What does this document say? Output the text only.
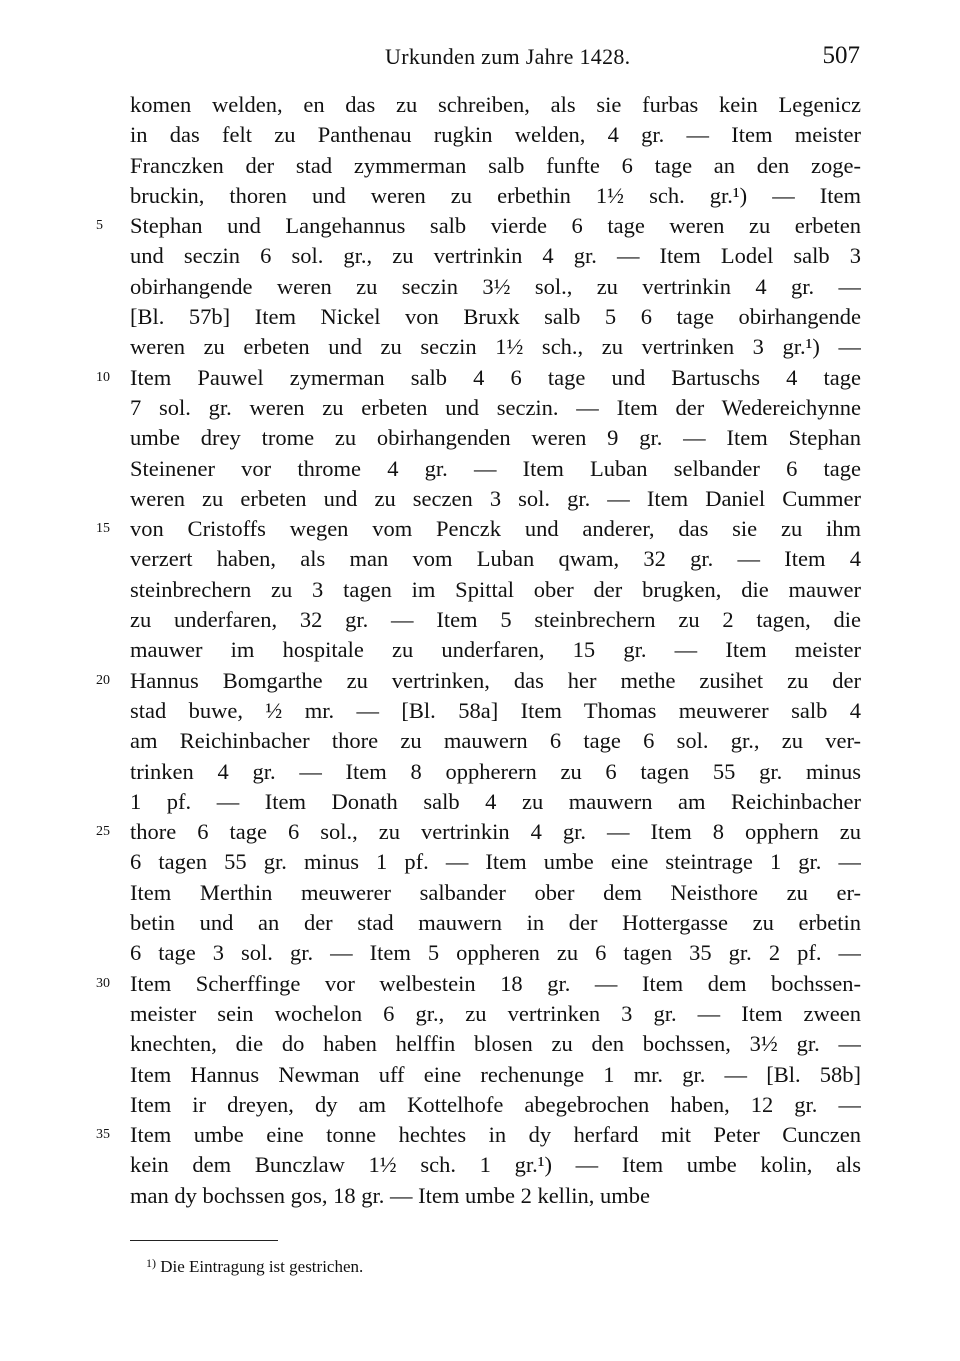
Urkunden zum Jahre 1428.	507
komen welden, en das zu schreiben, als sie furbas kein Legenicz
in das felt zu Panthenau rugkin welden, 4 gr. — Item meister
Franczken der stad zymmerman salb funfte 6 tage an den zoge-
bruckin, thoren und weren zu erbethin 1½ sch. gr.¹) — Item
5	Stephan und Langehannus salb vierde 6 tage weren zu erbeten
und seczin 6 sol. gr., zu vertrinkin 4 gr. — Item Lodel salb 3
obirhangende weren zu seczin 3½ sol., zu vertrinkin 4 gr. —
[Bl. 57b] Item Nickel von Bruxk salb 5 6 tage obirhangende
weren zu erbeten und zu seczin 1½ sch., zu vertrinken 3 gr.¹) —
10 Item Pauwel zymerman salb 4 6 tage und Bartuschs 4 tage
7 sol. gr. weren zu erbeten und seczin. — Item der Wedereichynne
umbe drey trome zu obirhangenden weren 9 gr. — Item Stephan
Steinener vor throme 4 gr. — Item Luban selbander 6 tage
weren zu erbeten und zu seczen 3 sol. gr. — Item Daniel Cummer
15 von Cristoffs wegen vom Penczk und anderer, das sie zu ihm
verzert haben, als man vom Luban qwam, 32 gr. — Item 4
steinbrechern zu 3 tagen im Spittal ober der brugken, die mauwer
zu underfaren, 32 gr. — Item 5 steinbrechern zu 2 tagen, die
mauwer im hospitale zu underfaren, 15 gr. — Item meister
20 Hannus Bomgarthe zu vertrinken, das her methe zusihet zu der
stad buwe, ½ mr. — [Bl. 58a] Item Thomas meuwerer salb 4
am Reichinbacher thore zu mauwern 6 tage 6 sol. gr., zu ver-
trinken 4 gr. — Item 8 oppherern zu 6 tagen 55 gr. minus
1 pf. — Item Donath salb 4 zu mauwern am Reichinbacher
25 thore 6 tage 6 sol., zu vertrinkin 4 gr. — Item 8 opphern zu
6 tagen 55 gr. minus 1 pf. — Item umbe eine steintrage 1 gr. —
Item Merthin meuwerer salbander ober dem Neisthore zu er-
betin und an der stad mauwern in der Hottergasse zu erbetin
6 tage 3 sol. gr. — Item 5 oppheren zu 6 tagen 35 gr. 2 pf. —
30 Item Scherffinge vor welbestein 18 gr. — Item dem bochssen-
meister sein wochelon 6 gr., zu vertrinken 3 gr. — Item zween
knechten, die do haben helffin blosen zu den bochssen, 3½ gr. —
Item Hannus Newman uff eine rechenunge 1 mr. gr. — [Bl. 58b]
Item ir dreyen, dy am Kottelhofe abegebrochen haben, 12 gr. —
35 Item umbe eine tonne hechtes in dy herfard mit Peter Cunczen
kein dem Bunczlaw 1½ sch. 1 gr.¹) — Item umbe kolin, als
man dy bochssen gos, 18 gr. — Item umbe 2 kellin, umbe
$^{1)}$ Die Eintragung ist gestrichen.
